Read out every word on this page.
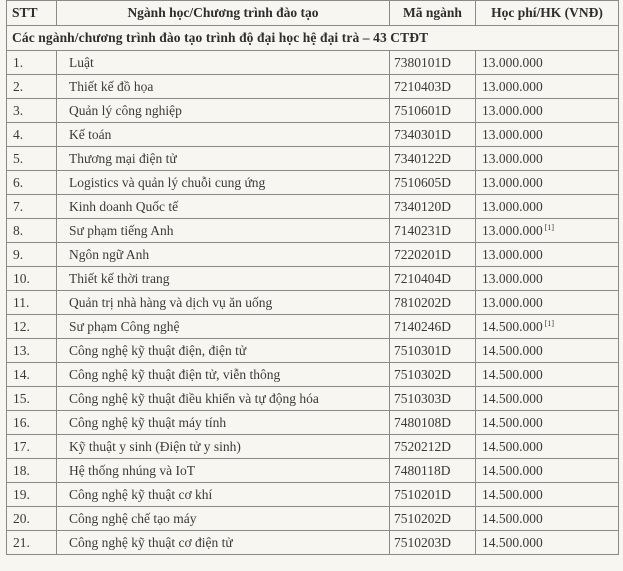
STT	Ngành học/Chương trình đào tạo	Mã ngành	Học phí/HK (VNĐ)
Các ngành/chương trình đào tạo trình độ đại học hệ đại trà – 43 CTĐT			
1.	Luật	7380101D	13.000.000
2.	Thiết kế đồ họa	7210403D	13.000.000
3.	Quản lý công nghiệp	7510601D	13.000.000
4.	Kế toán	7340301D	13.000.000
5.	Thương mại điện tử	7340122D	13.000.000
6.	Logistics và quản lý chuỗi cung ứng	7510605D	13.000.000
7.	Kinh doanh Quốc tế	7340120D	13.000.000
8.	Sư phạm tiếng Anh	7140231D	13.000.000 [1]
9.	Ngôn ngữ Anh	7220201D	13.000.000
10.	Thiết kế thời trang	7210404D	13.000.000
11.	Quản trị nhà hàng và dịch vụ ăn uống	7810202D	13.000.000
12.	Sư phạm Công nghệ	7140246D	14.500.000 [1]
13.	Công nghệ kỹ thuật điện, điện tử	7510301D	14.500.000
14.	Công nghệ kỹ thuật điện tử, viễn thông	7510302D	14.500.000
15.	Công nghệ kỹ thuật điều khiển và tự động hóa	7510303D	14.500.000
16.	Công nghệ kỹ thuật máy tính	7480108D	14.500.000
17.	Kỹ thuật y sinh (Điện tử y sinh)	7520212D	14.500.000
18.	Hệ thống nhúng và IoT	7480118D	14.500.000
19.	Công nghệ kỹ thuật cơ khí	7510201D	14.500.000
20.	Công nghệ chế tạo máy	7510202D	14.500.000
21.	Công nghệ kỹ thuật cơ điện tử	7510203D	14.500.000
